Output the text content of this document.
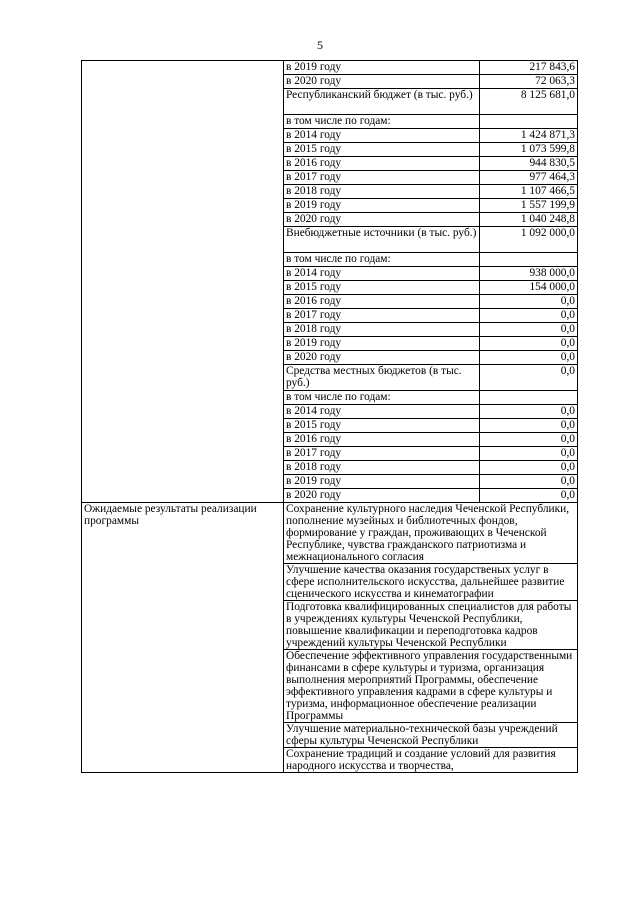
5
	в 2019 году	217 843,6
	в 2020 году	72 063,3
	Республиканский бюджет (в тыс. руб.)	8 125 681,0
	в том числе по годам:	
	в 2014 году	1 424 871,3
	в 2015 году	1 073 599,8
	в 2016 году	944 830,5
	в 2017 году	977 464,3
	в 2018 году	1 107 466,5
	в 2019 году	1 557 199,9
	в 2020 году	1 040 248,8
	Внебюджетные источники (в тыс. руб.)	1 092 000,0
	в том числе по годам:	
	в 2014 году	938 000,0
	в 2015 году	154 000,0
	в 2016 году	0,0
	в 2017 году	0,0
	в 2018 году	0,0
	в 2019 году	0,0
	в 2020 году	0,0
	Средства местных бюджетов (в тыс. руб.)	0,0
	в том числе по годам:	
	в 2014 году	0,0
	в 2015 году	0,0
	в 2016 году	0,0
	в 2017 году	0,0
	в 2018 году	0,0
	в 2019 году	0,0
	в 2020 году	0,0
Ожидаемые результаты реализации программы	Сохранение культурного наследия Чеченской Республики, пополнение музейных и библиотечных фондов, формирование у граждан, проживающих в Чеченской Республике, чувства гражданского патриотизма и межнационального согласия	
	Улучшение качества оказания государственых услуг в сфере исполнительского искусства, дальнейшее развитие сценического искусства и кинематографии	
	Подготовка квалифицированных специалистов для работы в учреждениях культуры Чеченской Республики, повышение квалификации и переподготовка кадров учреждений культуры Чеченской Республики	
	Обеспечение эффективного управления государственными финансами в сфере культуры и туризма, организация выполнения мероприятий Программы, обеспечение эффективного управления кадрами в сфере культуры и туризма, информационное обеспечение реализации Программы	
	Улучшение материально-технической базы учреждений сферы культуры Чеченской Республики	
	Сохранение традиций и создание условий для развития народного искусства и творчества,	
